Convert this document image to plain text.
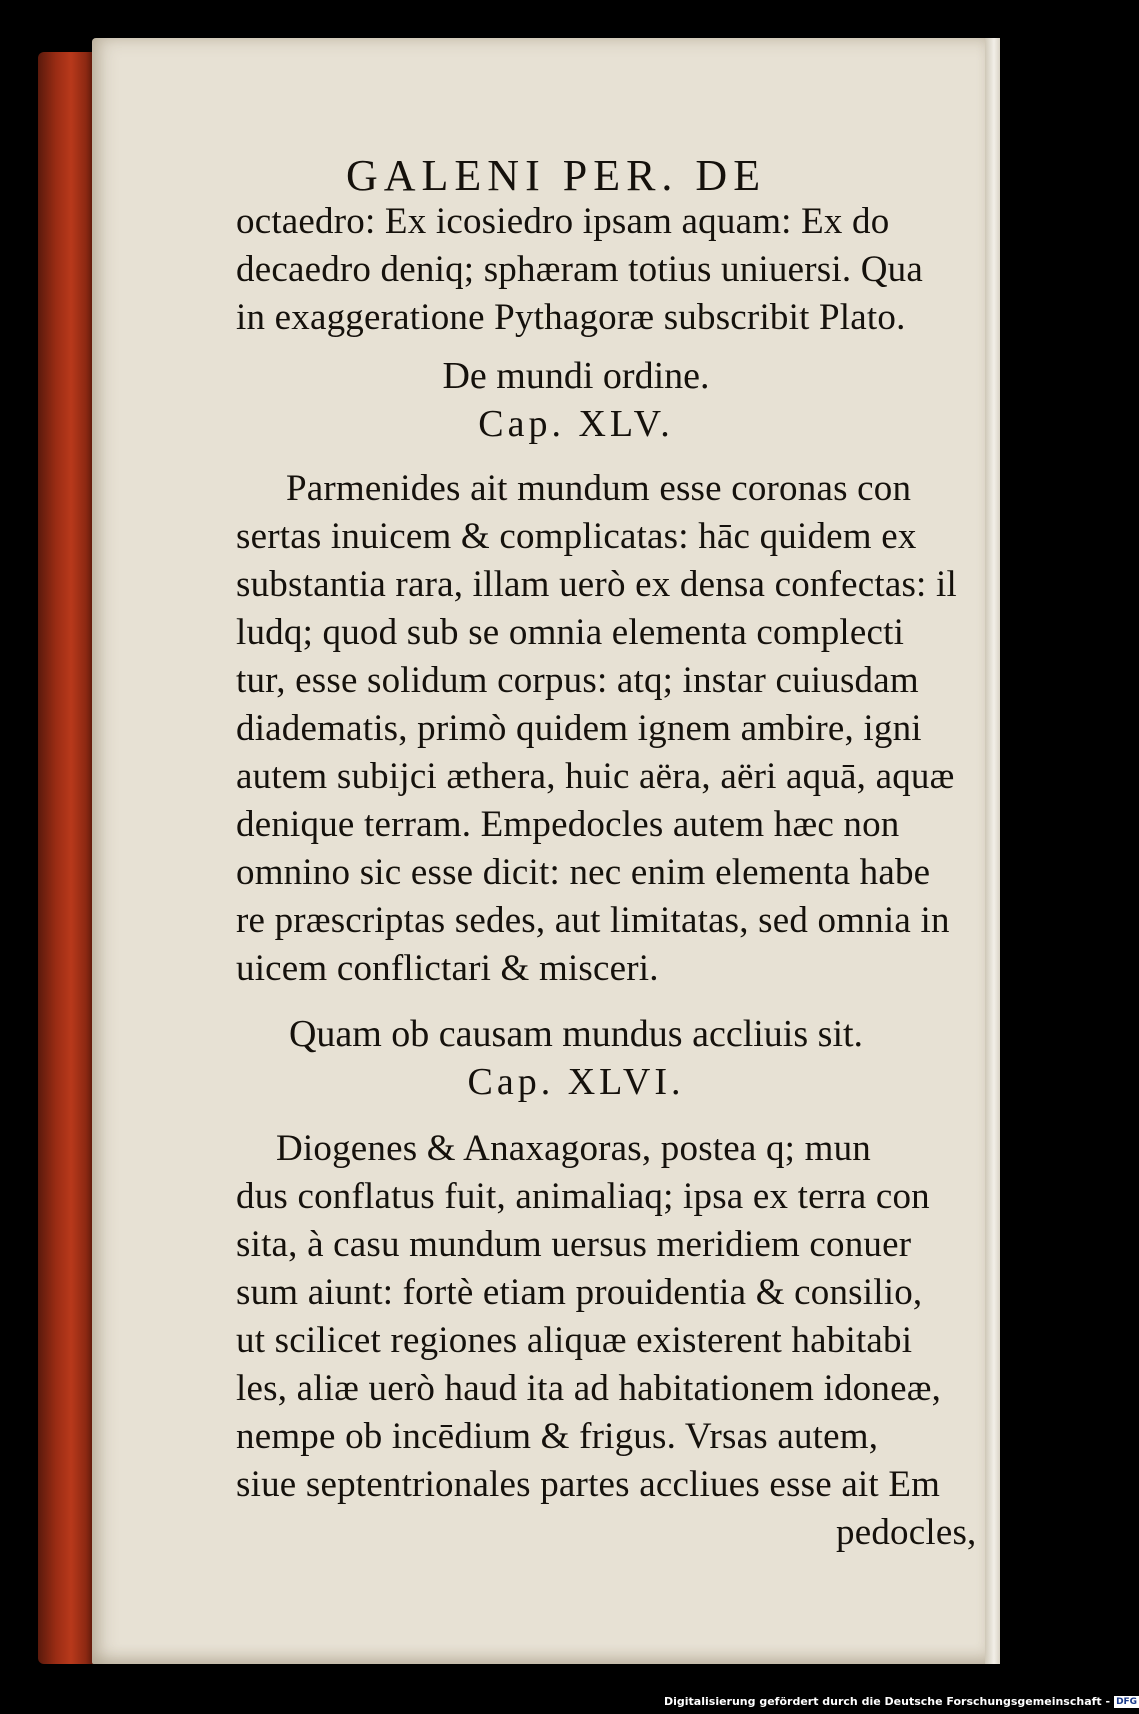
GALENI PER. DE
octaedro: Ex icosiedro ipsam aquam: Ex do
decaedro deniq; sphæram totius uniuersi. Qua
in exaggeratione Pythagoræ subscribit Plato.
De mundi ordine.
Cap. XLV.
Parmenides ait mundum esse coronas con
sertas inuicem & complicatas: hāc quidem ex
substantia rara, illam uerò ex densa confectas: il
ludq; quod sub se omnia elementa complecti
tur, esse solidum corpus: atq; instar cuiusdam
diadematis, primò quidem ignem ambire, igni
autem subijci æthera, huic aëra, aëri aquā, aquæ
denique terram. Empedocles autem hæc non
omnino sic esse dicit: nec enim elementa habe
re præscriptas sedes, aut limitatas, sed omnia in
uicem conflictari & misceri.
Quam ob causam mundus accliuis sit.
Cap. XLVI.
Diogenes & Anaxagoras, postea q; mun
dus conflatus fuit, animaliaq; ipsa ex terra con
sita, à casu mundum uersus meridiem conuer
sum aiunt: fortè etiam prouidentia & consilio,
ut scilicet regiones aliquæ existerent habitabi
les, aliæ uerò haud ita ad habitationem idoneæ,
nempe ob incēdium & frigus. Vrsas autem,
siue septentrionales partes accliues esse ait Em
pedocles,
Digitalisierung gefördert durch die Deutsche Forschungsgemeinschaft - DFG
